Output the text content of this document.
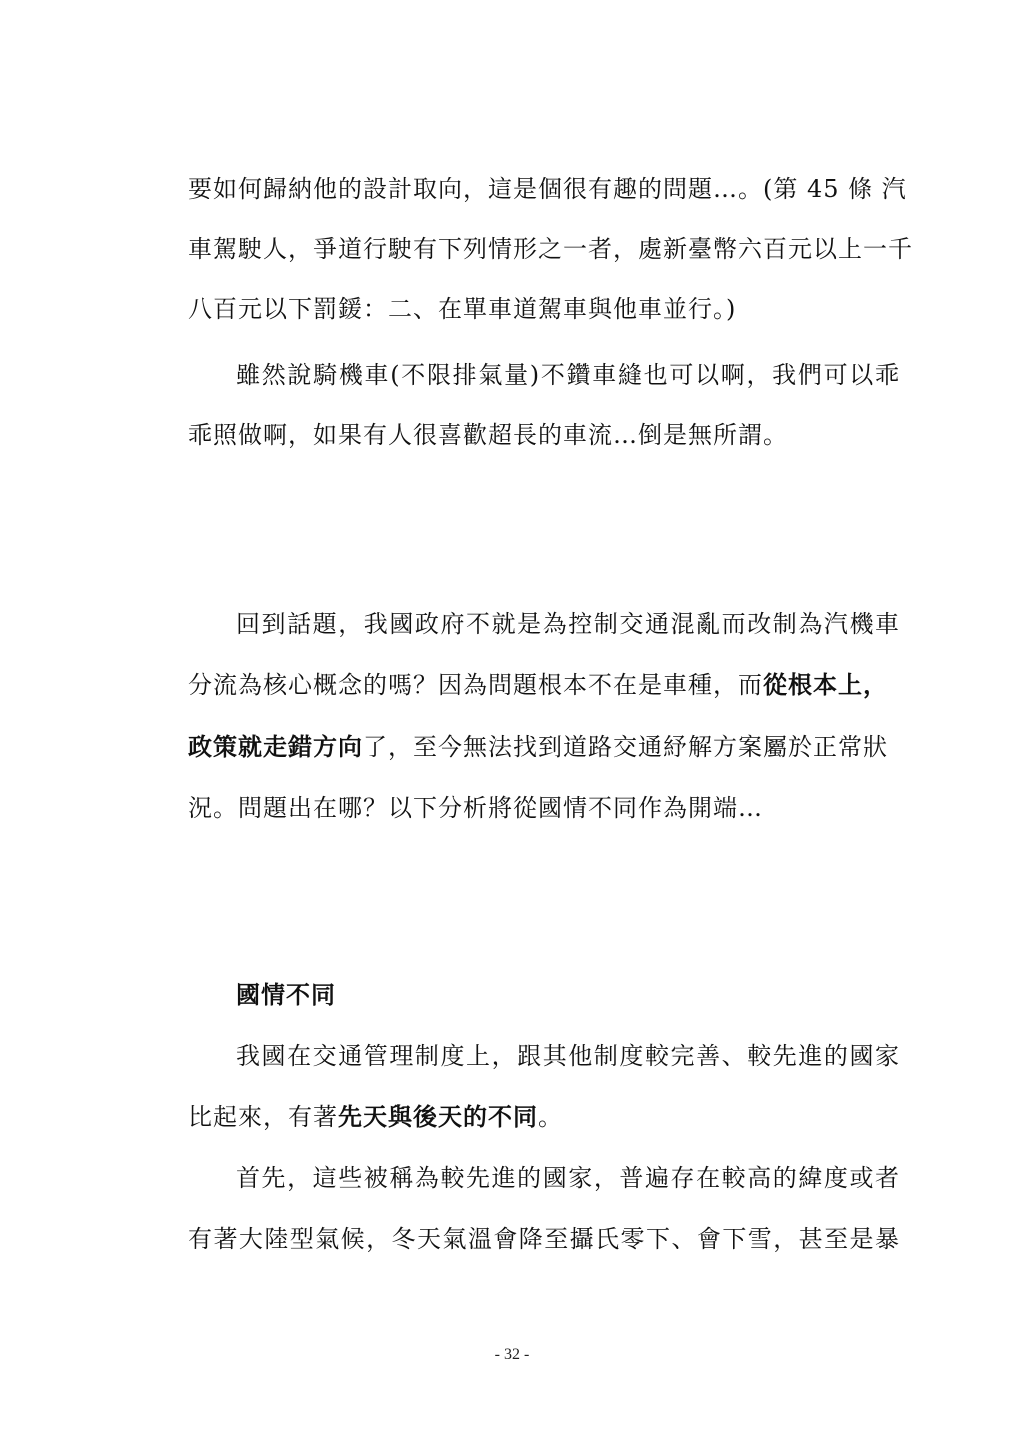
要如何歸納他的設計取向，這是個很有趣的問題…。(第 45 條 汽
車駕駛人，爭道行駛有下列情形之一者，處新臺幣六百元以上一千
八百元以下罰鍰：二、在單車道駕車與他車並行。)
雖然說騎機車(不限排氣量)不鑽車縫也可以啊，我們可以乖
乖照做啊，如果有人很喜歡超長的車流…倒是無所謂。
回到話題，我國政府不就是為控制交通混亂而改制為汽機車
分流為核心概念的嗎？因為問題根本不在是車種，而從根本上，
政策就走錯方向了，至今無法找到道路交通紓解方案屬於正常狀
況。問題出在哪？以下分析將從國情不同作為開端…
國情不同
我國在交通管理制度上，跟其他制度較完善、較先進的國家
比起來，有著先天與後天的不同。
首先，這些被稱為較先進的國家，普遍存在較高的緯度或者
有著大陸型氣候，冬天氣溫會降至攝氏零下、會下雪，甚至是暴
- 32 -
